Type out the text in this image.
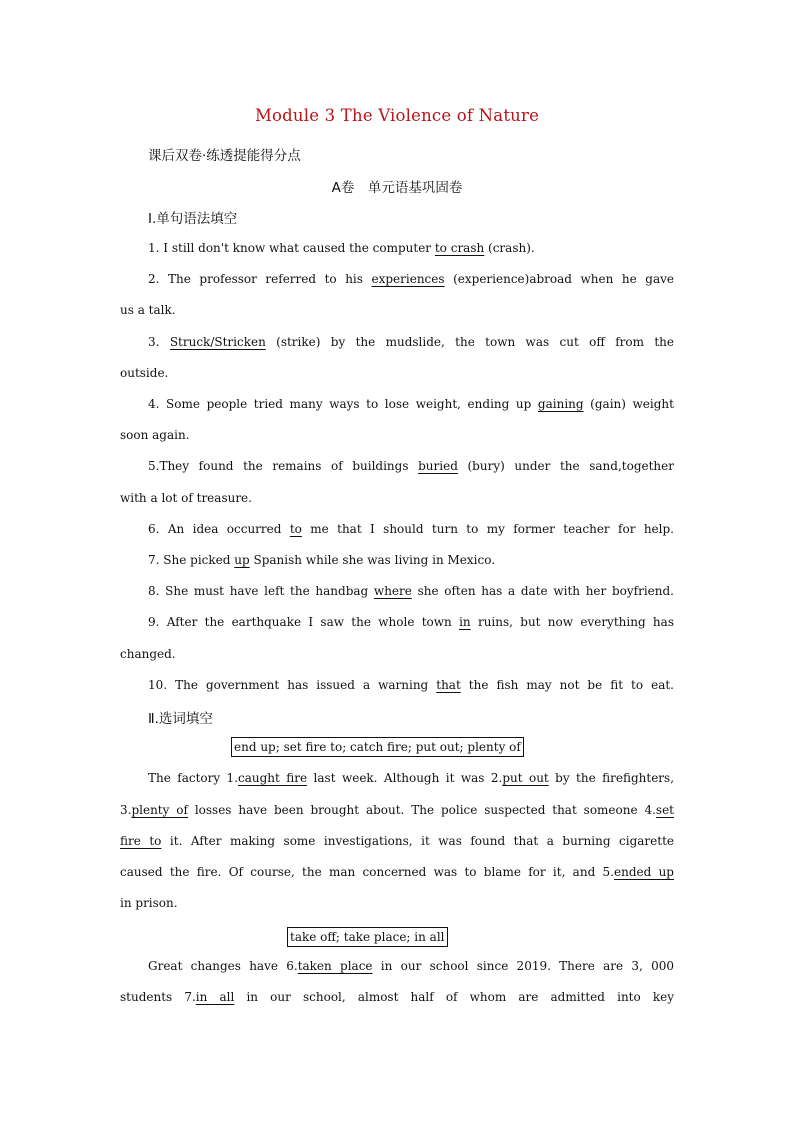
Module 3 The Violence of Nature
课后双卷·练透提能得分点
A卷　单元语基巩固卷
Ⅰ.单句语法填空
1. I still don't know what caused the computer to crash (crash).
2. The professor referred to his experiences (experience)abroad when he gave
us a talk.
3. Struck/Stricken (strike) by the mudslide, the town was cut off from the
outside.
4. Some people tried many ways to lose weight, ending up gaining (gain) weight
soon again.
5.They found the remains of buildings buried (bury) under the sand,together
with a lot of treasure.
6. An idea occurred to me that I should turn to my former teacher for help.
7. She picked up Spanish while she was living in Mexico.
8. She must have left the handbag where she often has a date with her boyfriend.
9. After the earthquake I saw the whole town in ruins, but now everything has
changed.
10. The government has issued a warning that the fish may not be fit to eat.
Ⅱ.选词填空
end up; set fire to; catch fire; put out; plenty of
The factory 1.caught fire last week. Although it was 2.put out by the firefighters,
3.plenty of losses have been brought about. The police suspected that someone 4.set
fire to it. After making some investigations, it was found that a burning cigarette
caused the fire. Of course, the man concerned was to blame for it, and 5.ended up
in prison.
take off; take place; in all
Great changes have 6.taken place in our school since 2019. There are 3, 000
students 7.in all in our school, almost half of whom are admitted into key
